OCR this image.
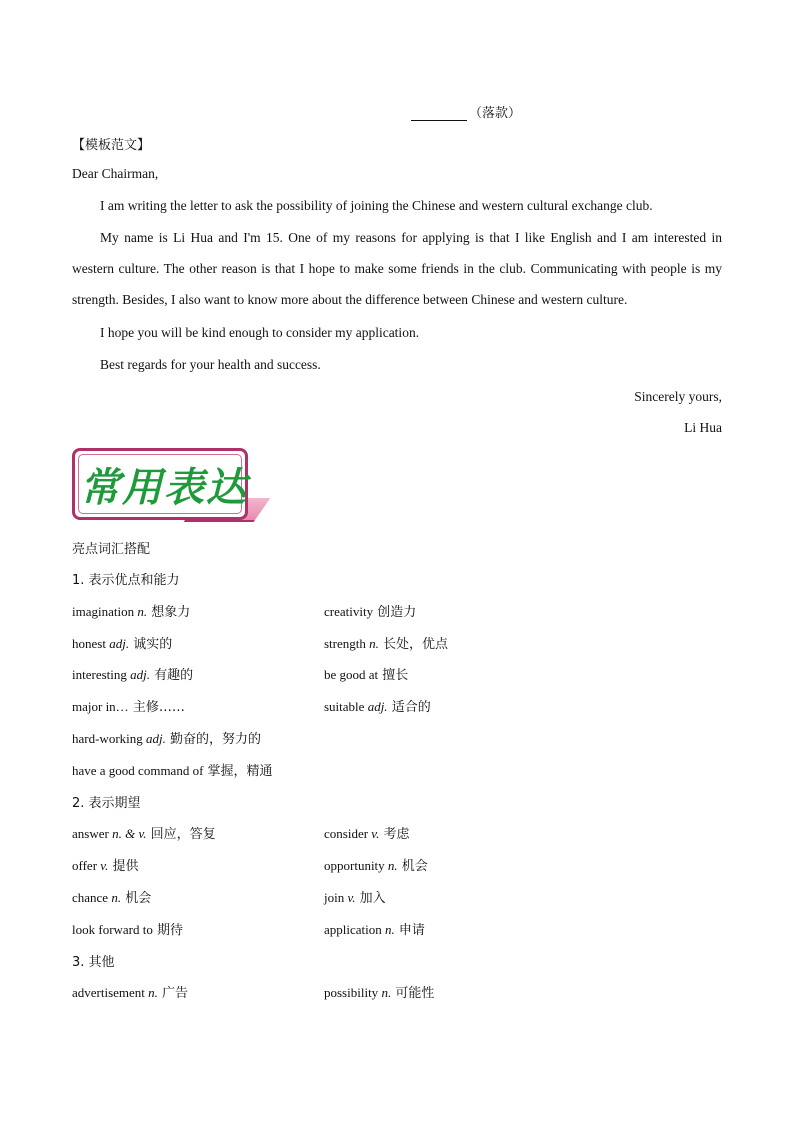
（落款）
【模板范文】
Dear Chairman,
I am writing the letter to ask the possibility of joining the Chinese and western cultural exchange club.
My name is Li Hua and I'm 15. One of my reasons for applying is that I like English and I am interested in
western culture. The other reason is that I hope to make some friends in the club. Communicating with people is my
strength. Besides, I also want to know more about the difference between Chinese and western culture.
I hope you will be kind enough to consider my application.
Best regards for your health and success.
Sincerely yours,
Li Hua
常用表达
亮点词汇搭配
1. 表示优点和能力
imagination n. 想象力	creativity 创造力
honest adj. 诚实的	strength n. 长处，优点
interesting adj. 有趣的	be good at 擅长
major in… 主修……	suitable adj. 适合的
hard-working adj. 勤奋的，努力的
have a good command of 掌握，精通
2. 表示期望
answer n. & v. 回应，答复	consider v. 考虑
offer v. 提供	opportunity n. 机会
chance n. 机会	join v. 加入
look forward to 期待	application n. 申请
3. 其他
advertisement n. 广告	possibility n. 可能性
